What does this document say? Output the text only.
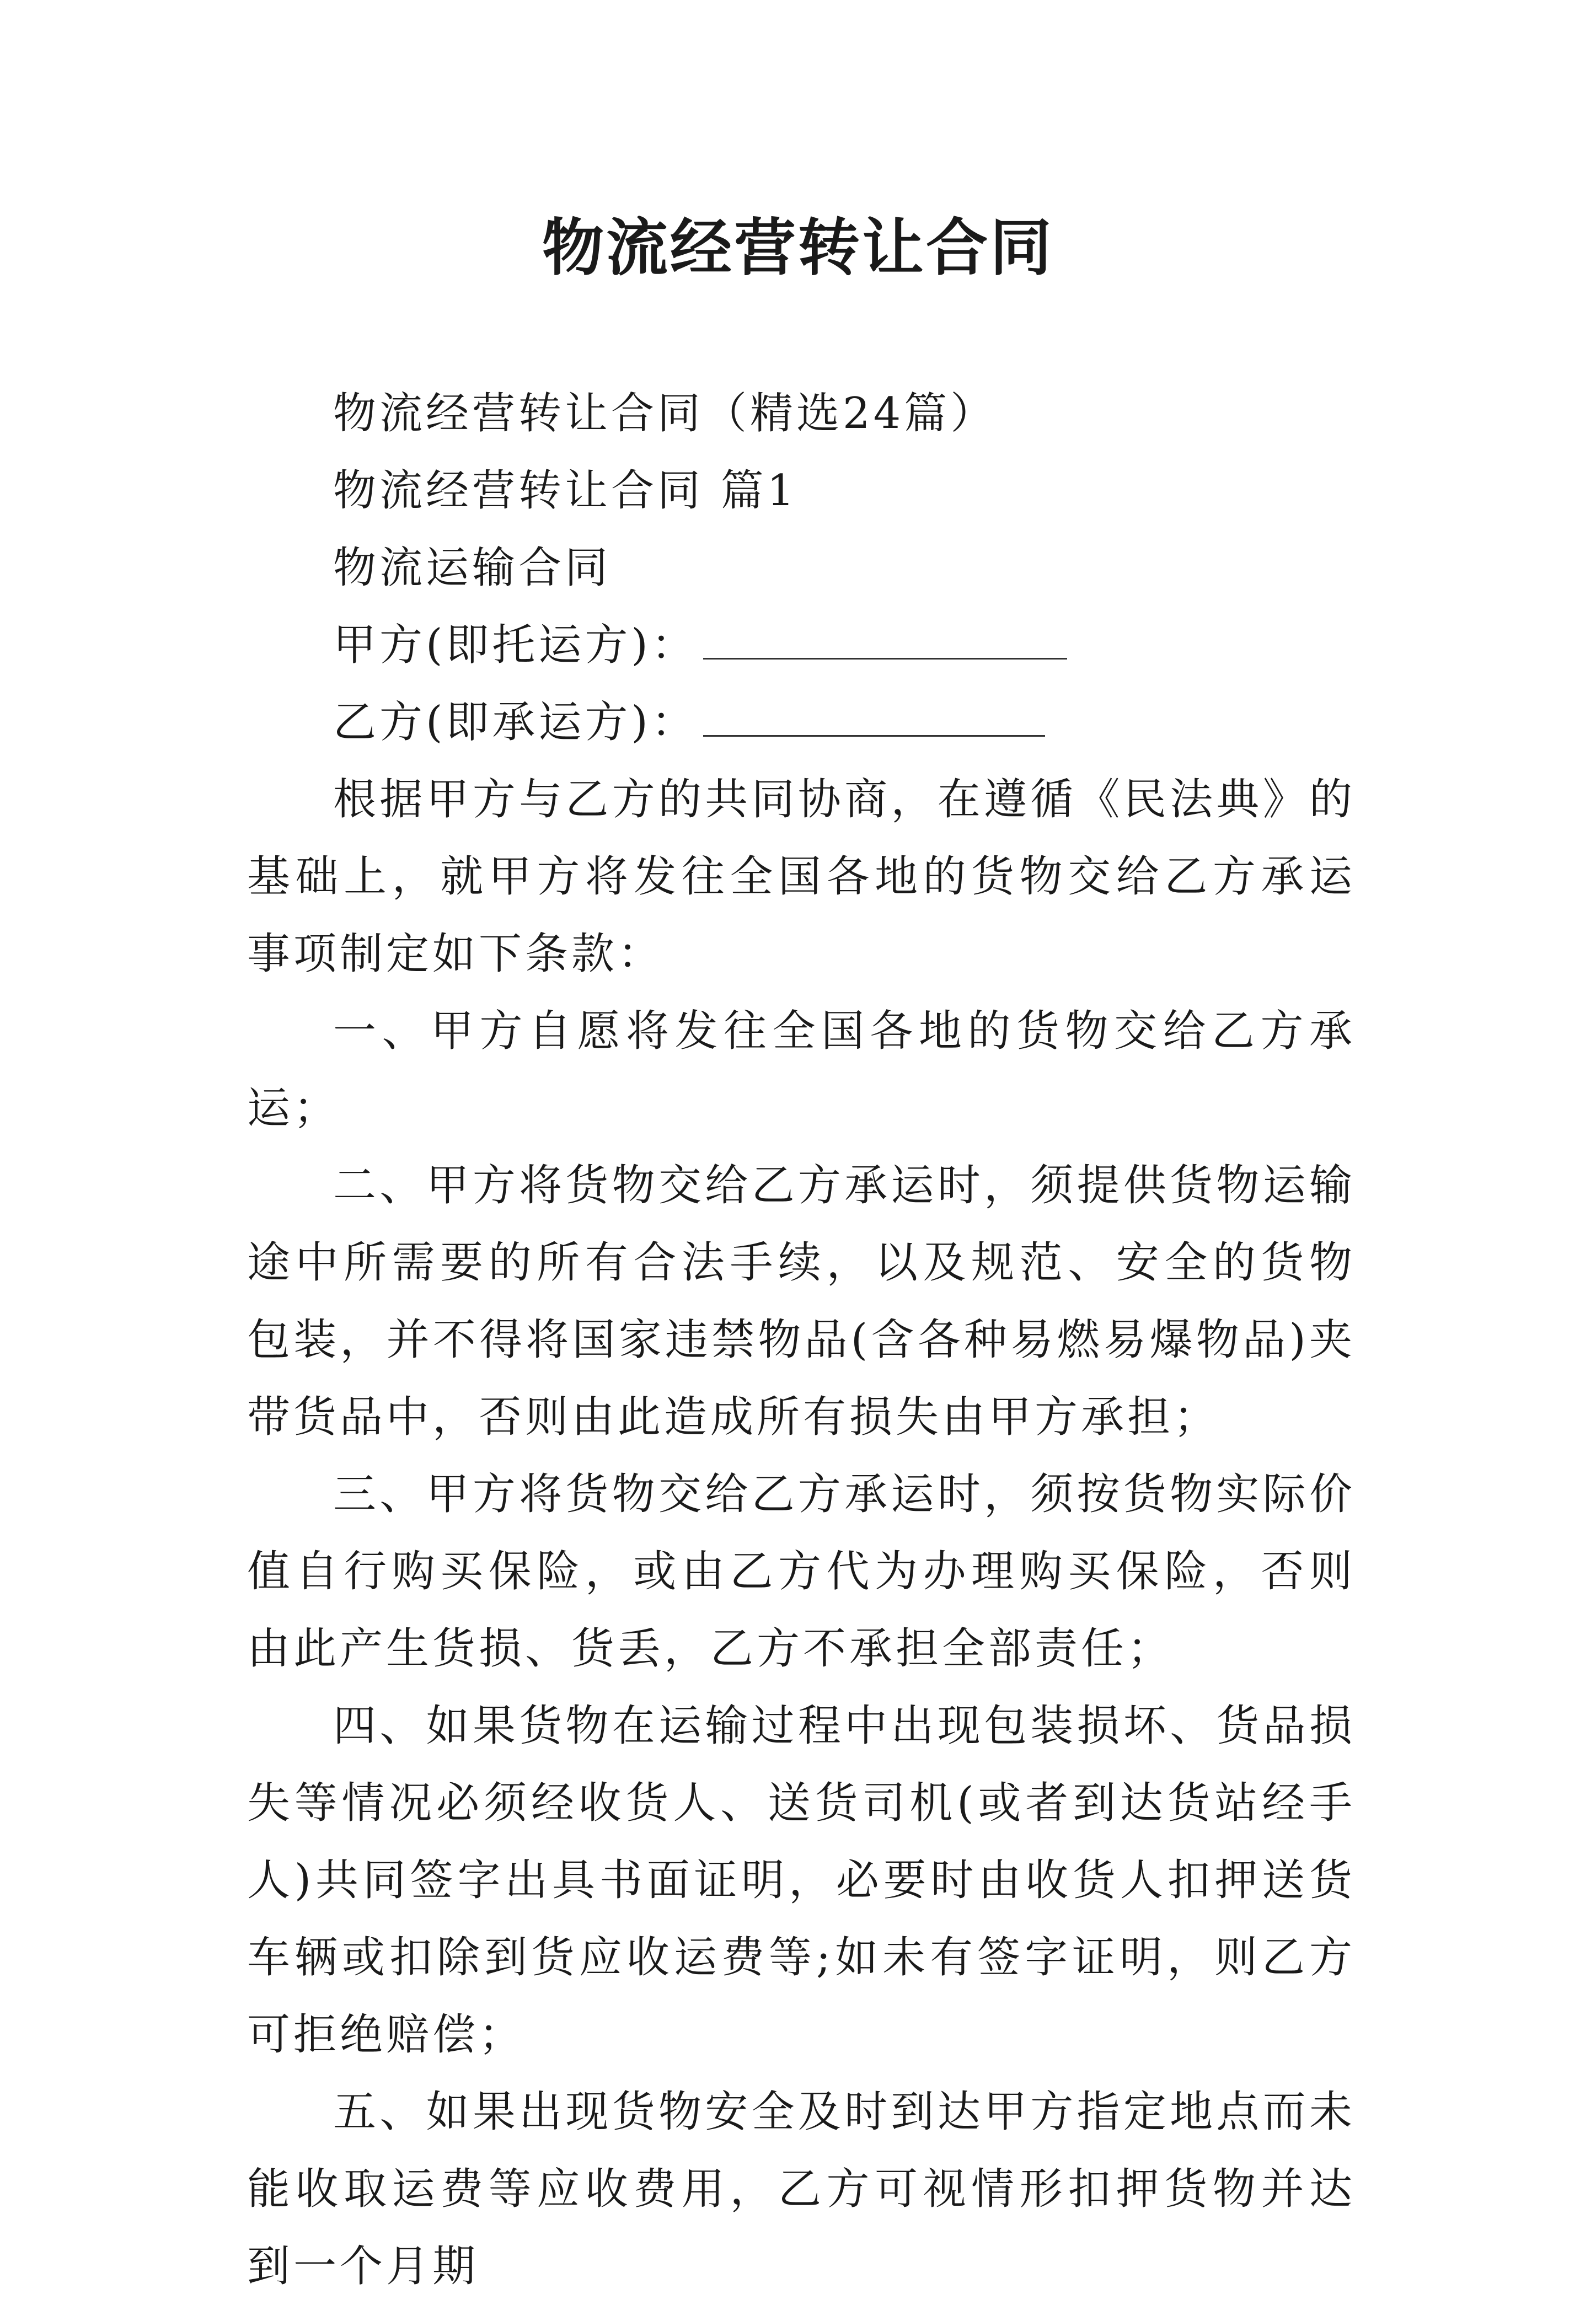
物流经营转让合同

物流经营转让合同（精选24篇）

物流经营转让合同 篇1

物流运输合同

甲方(即托运方)：

乙方(即承运方)：

根据甲方与乙方的共同协商，在遵循《民法典》的基础上，就甲方将发往全国各地的货物交给乙方承运事项制定如下条款：

一、甲方自愿将发往全国各地的货物交给乙方承运；

二、甲方将货物交给乙方承运时，须提供货物运输途中所需要的所有合法手续，以及规范、安全的货物包装，并不得将国家违禁物品(含各种易燃易爆物品)夹带货品中，否则由此造成所有损失由甲方承担；

三、甲方将货物交给乙方承运时，须按货物实际价值自行购买保险，或由乙方代为办理购买保险，否则由此产生货损、货丢，乙方不承担全部责任；

四、如果货物在运输过程中出现包装损坏、货品损失等情况必须经收货人、送货司机(或者到达货站经手人)共同签字出具书面证明，必要时由收货人扣押送货车辆或扣除到货应收运费等;如未有签字证明，则乙方可拒绝赔偿；

五、如果出现货物安全及时到达甲方指定地点而未能收取运费等应收费用，乙方可视情形扣押货物并达到一个月期
